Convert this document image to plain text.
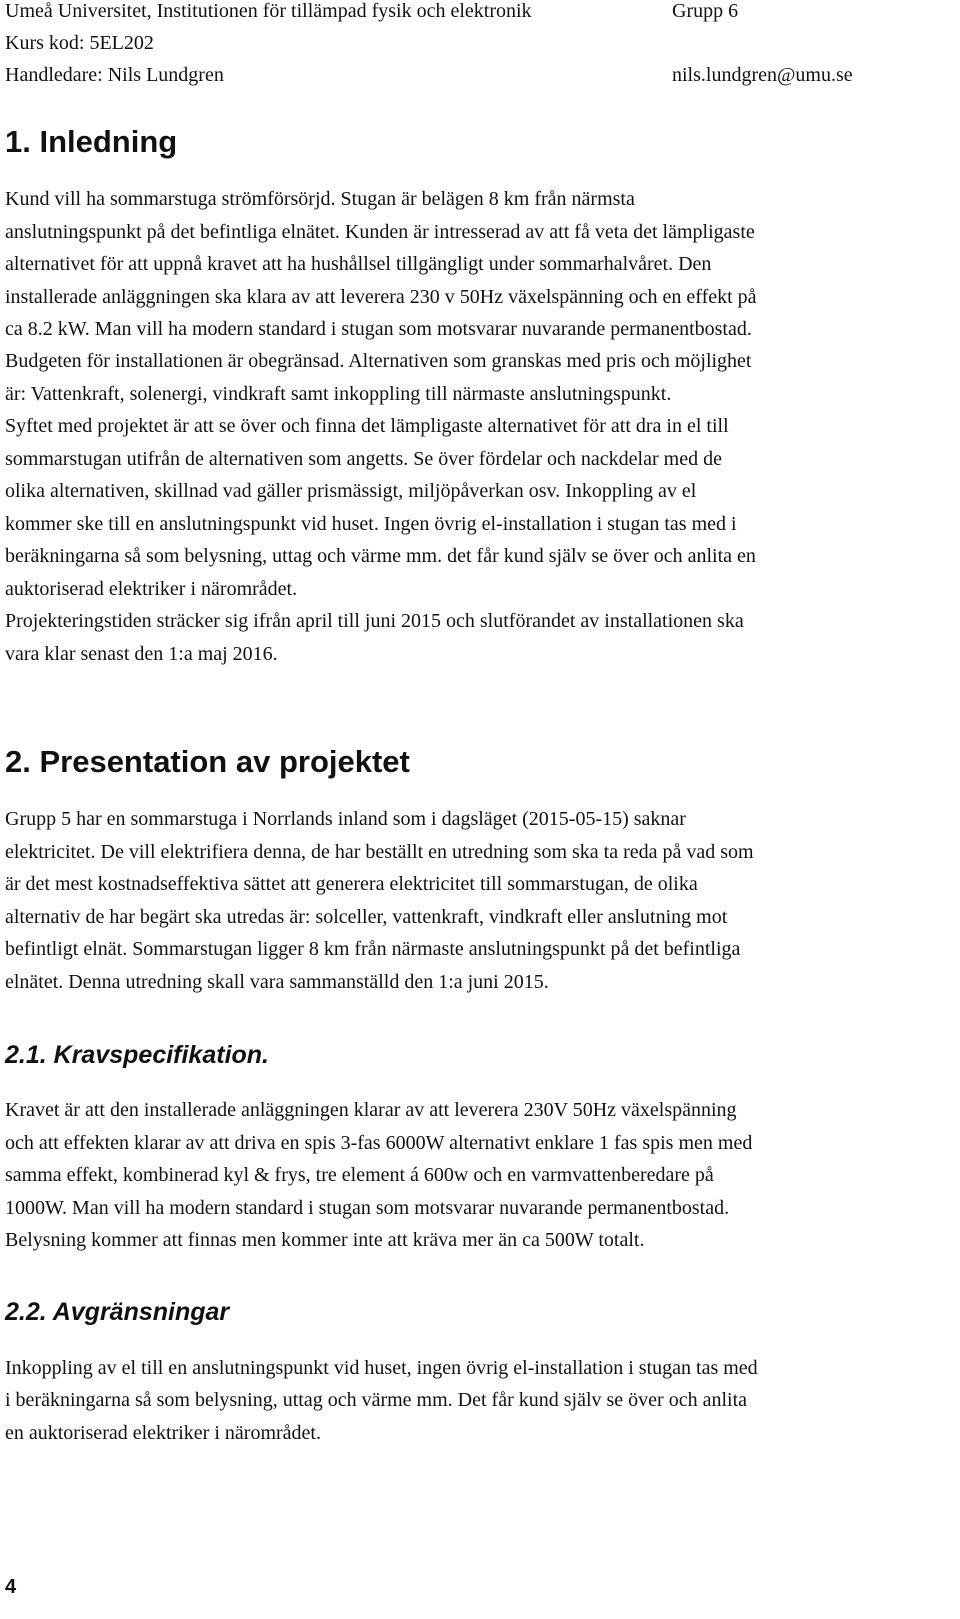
Umeå Universitet, Institutionen för tillämpad fysik och elektronik	Grupp 6
Kurs kod: 5EL202
Handledare: Nils Lundgren	nils.lundgren@umu.se
1. Inledning
Kund vill ha sommarstuga strömförsörjd. Stugan är belägen 8 km från närmsta
anslutningspunkt på det befintliga elnätet. Kunden är intresserad av att få veta det lämpligaste
alternativet för att uppnå kravet att ha hushållsel tillgängligt under sommarhalvåret. Den
installerade anläggningen ska klara av att leverera 230 v 50Hz växelspänning och en effekt på
ca 8.2 kW. Man vill ha modern standard i stugan som motsvarar nuvarande permanentbostad.
Budgeten för installationen är obegränsad. Alternativen som granskas med pris och möjlighet
är: Vattenkraft, solenergi, vindkraft samt inkoppling till närmaste anslutningspunkt.
Syftet med projektet är att se över och finna det lämpligaste alternativet för att dra in el till
sommarstugan utifrån de alternativen som angetts. Se över fördelar och nackdelar med de
olika alternativen, skillnad vad gäller prismässigt, miljöpåverkan osv. Inkoppling av el
kommer ske till en anslutningspunkt vid huset. Ingen övrig el-installation i stugan tas med i
beräkningarna så som belysning, uttag och värme mm. det får kund själv se över och anlita en
auktoriserad elektriker i närområdet.
Projekteringstiden sträcker sig ifrån april till juni 2015 och slutförandet av installationen ska
vara klar senast den 1:a maj 2016.
2. Presentation av projektet
Grupp 5 har en sommarstuga i Norrlands inland som i dagsläget (2015-05-15) saknar
elektricitet. De vill elektrifiera denna, de har beställt en utredning som ska ta reda på vad som
är det mest kostnadseffektiva sättet att generera elektricitet till sommarstugan, de olika
alternativ de har begärt ska utredas är: solceller, vattenkraft, vindkraft eller anslutning mot
befintligt elnät. Sommarstugan ligger 8 km från närmaste anslutningspunkt på det befintliga
elnätet. Denna utredning skall vara sammanställd den 1:a juni 2015.
2.1. Kravspecifikation.
Kravet är att den installerade anläggningen klarar av att leverera 230V 50Hz växelspänning
och att effekten klarar av att driva en spis 3-fas 6000W alternativt enklare 1 fas spis men med
samma effekt, kombinerad kyl & frys, tre element á 600w och en varmvattenberedare på
1000W. Man vill ha modern standard i stugan som motsvarar nuvarande permanentbostad.
Belysning kommer att finnas men kommer inte att kräva mer än ca 500W totalt.
2.2. Avgränsningar
Inkoppling av el till en anslutningspunkt vid huset, ingen övrig el-installation i stugan tas med
i beräkningarna så som belysning, uttag och värme mm. Det får kund själv se över och anlita
en auktoriserad elektriker i närområdet.
4
